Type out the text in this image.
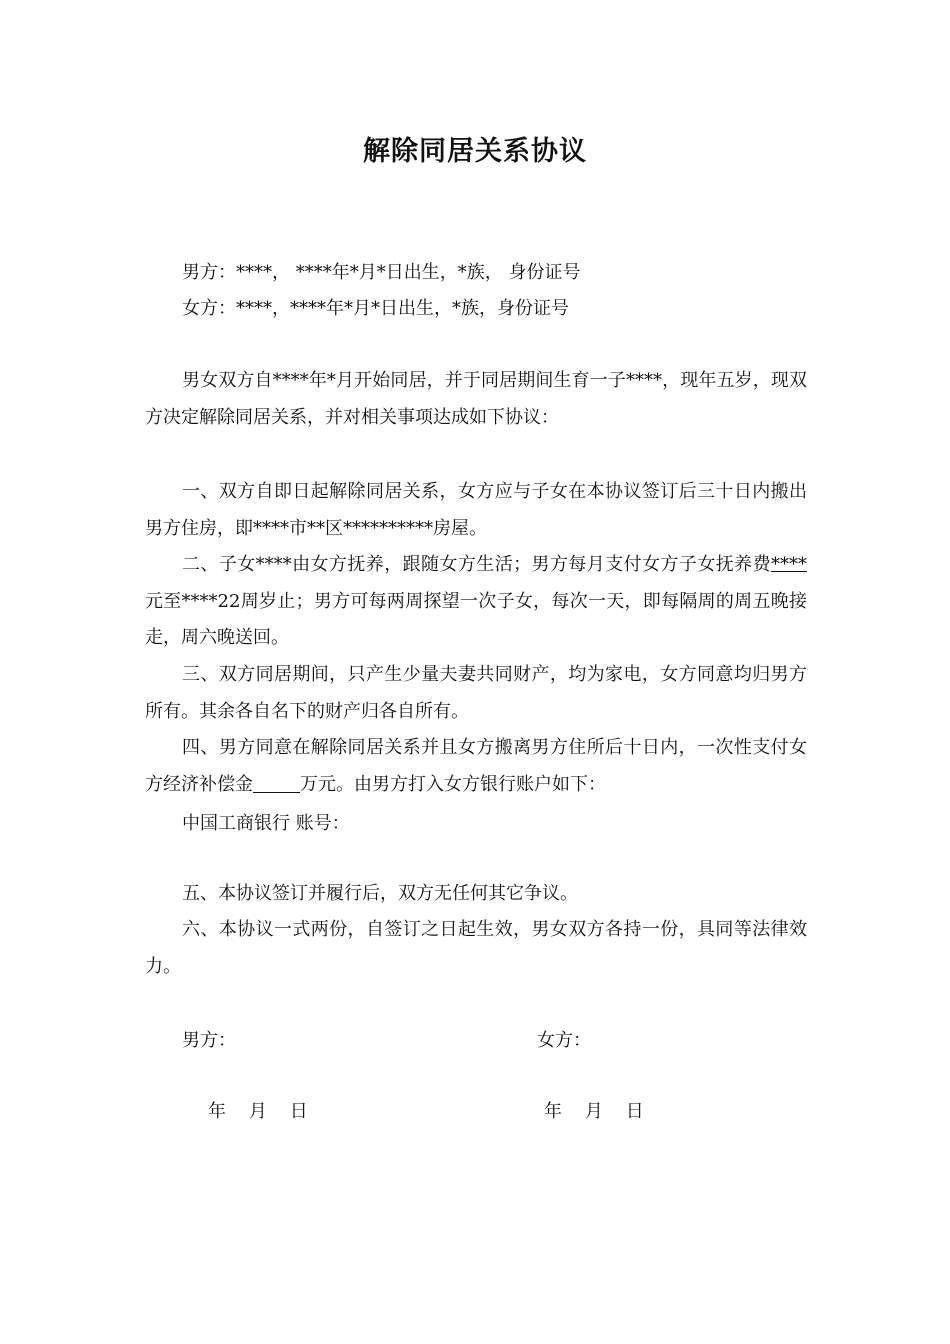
解除同居关系协议
男方：****， ****年*月*日出生，*族， 身份证号
女方：****，****年*月*日出生，*族，身份证号
男女双方自****年*月开始同居，并于同居期间生育一子****，现年五岁，现双方决定解除同居关系，并对相关事项达成如下协议：
一、双方自即日起解除同居关系，女方应与子女在本协议签订后三十日内搬出男方住房，即****市**区**********房屋。
二、子女****由女方抚养，跟随女方生活；男方每月支付女方子女抚养费****元至****22周岁止；男方可每两周探望一次子女，每次一天，即每隔周的周五晚接走，周六晚送回。
三、双方同居期间，只产生少量夫妻共同财产，均为家电，女方同意均归男方所有。其余各自名下的财产归各自所有。
四、男方同意在解除同居关系并且女方搬离男方住所后十日内，一次性支付女方经济补偿金	万元。由男方打入女方银行账户如下：
中国工商银行 账号：
五、本协议签订并履行后，双方无任何其它争议。
六、本协议一式两份，自签订之日起生效，男女双方各持一份，具同等法律效力。
男方：	女方：
年    月    日	年    月    日
